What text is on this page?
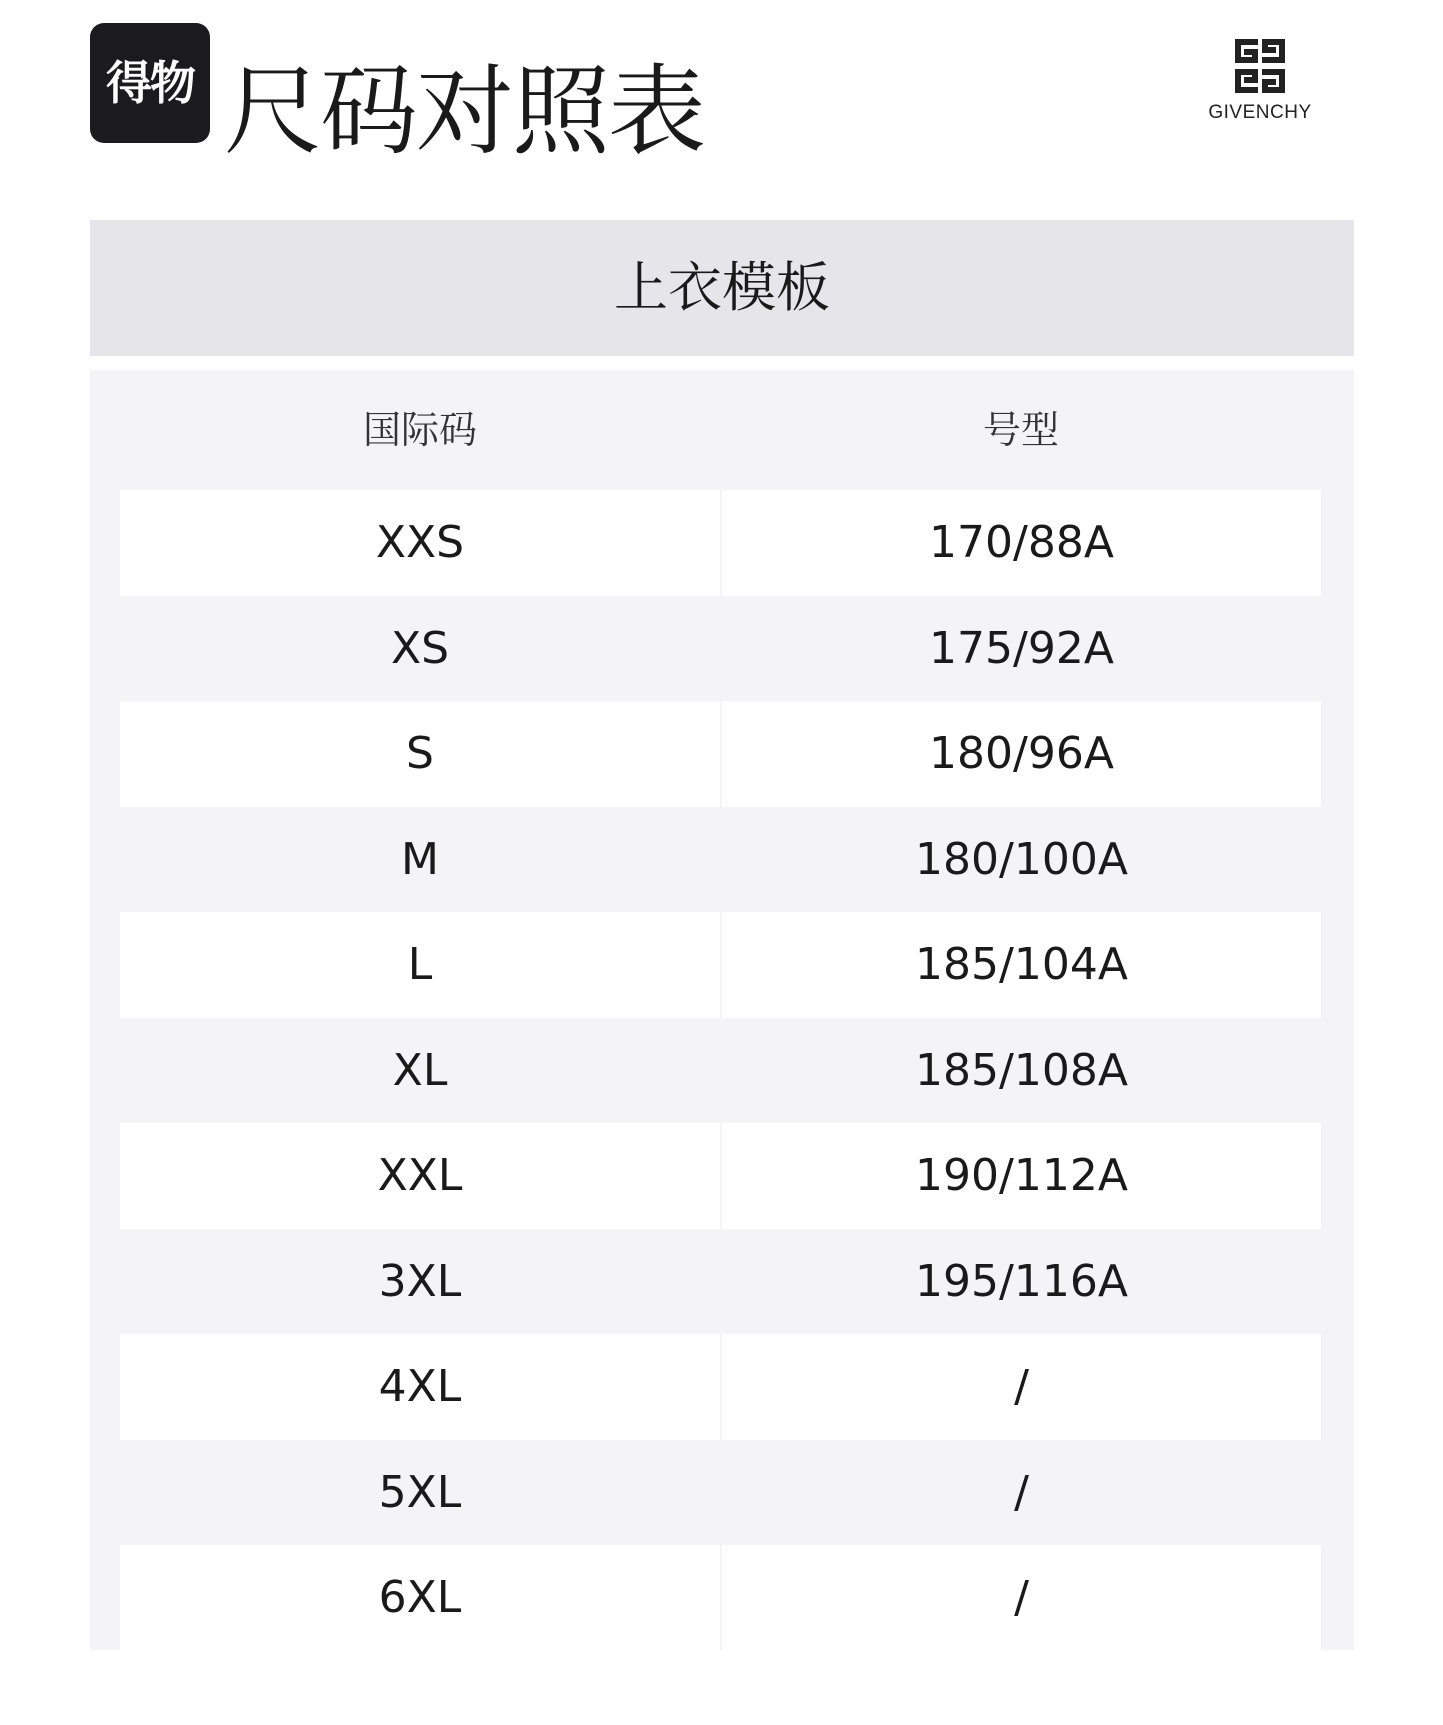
得物 尺码对照表	GIVENCHY
上衣模板
国际码	号型
XXS	170/88A
XS	175/92A
S	180/96A
M	180/100A
L	185/104A
XL	185/108A
XXL	190/112A
3XL	195/116A
4XL	/
5XL	/
6XL	/
